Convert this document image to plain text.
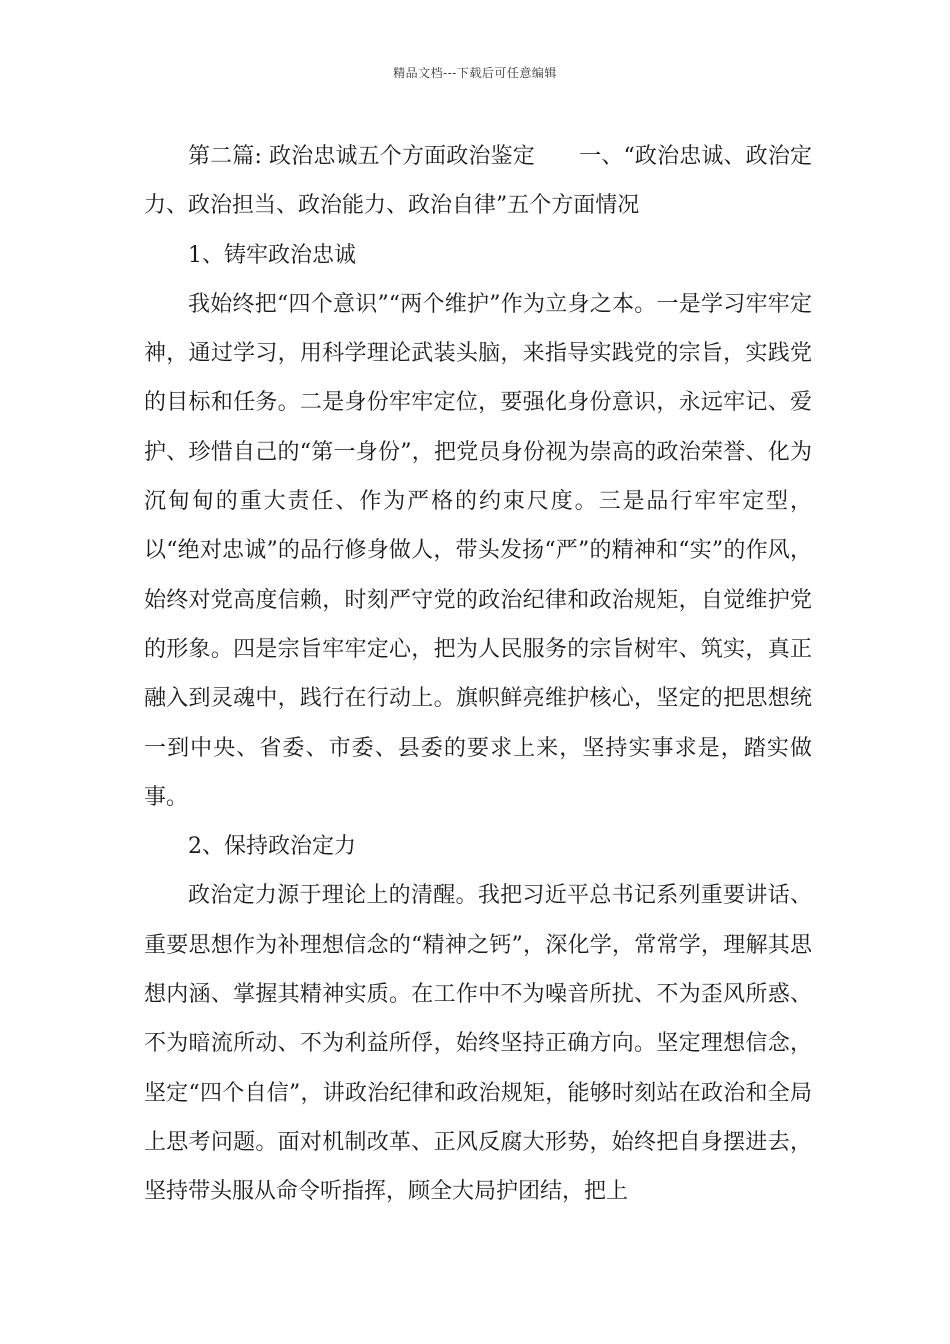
精品文档---下载后可任意编辑

第二篇: 政治忠诚五个方面政治鉴定　　一、“政治忠诚、政治定力、政治担当、政治能力、政治自律”五个方面情况

1、铸牢政治忠诚

我始终把“四个意识”“两个维护”作为立身之本。一是学习牢牢定神，通过学习，用科学理论武装头脑，来指导实践党的宗旨，实践党的目标和任务。二是身份牢牢定位，要强化身份意识，永远牢记、爱护、珍惜自己的“第一身份”，把党员身份视为崇高的政治荣誉、化为沉甸甸的重大责任、作为严格的约束尺度。三是品行牢牢定型，以“绝对忠诚”的品行修身做人，带头发扬“严”的精神和“实”的作风，始终对党高度信赖，时刻严守党的政治纪律和政治规矩，自觉维护党的形象。四是宗旨牢牢定心，把为人民服务的宗旨树牢、筑实，真正融入到灵魂中，践行在行动上。旗帜鲜亮维护核心，坚定的把思想统一到中央、省委、市委、县委的要求上来，坚持实事求是，踏实做事。

2、保持政治定力

政治定力源于理论上的清醒。我把习近平总书记系列重要讲话、重要思想作为补理想信念的“精神之钙”，深化学，常常学，理解其思想内涵、掌握其精神实质。在工作中不为噪音所扰、不为歪风所惑、不为暗流所动、不为利益所俘，始终坚持正确方向。坚定理想信念，坚定“四个自信”，讲政治纪律和政治规矩，能够时刻站在政治和全局上思考问题。面对机制改革、正风反腐大形势，始终把自身摆进去，坚持带头服从命令听指挥，顾全大局护团结，把上
